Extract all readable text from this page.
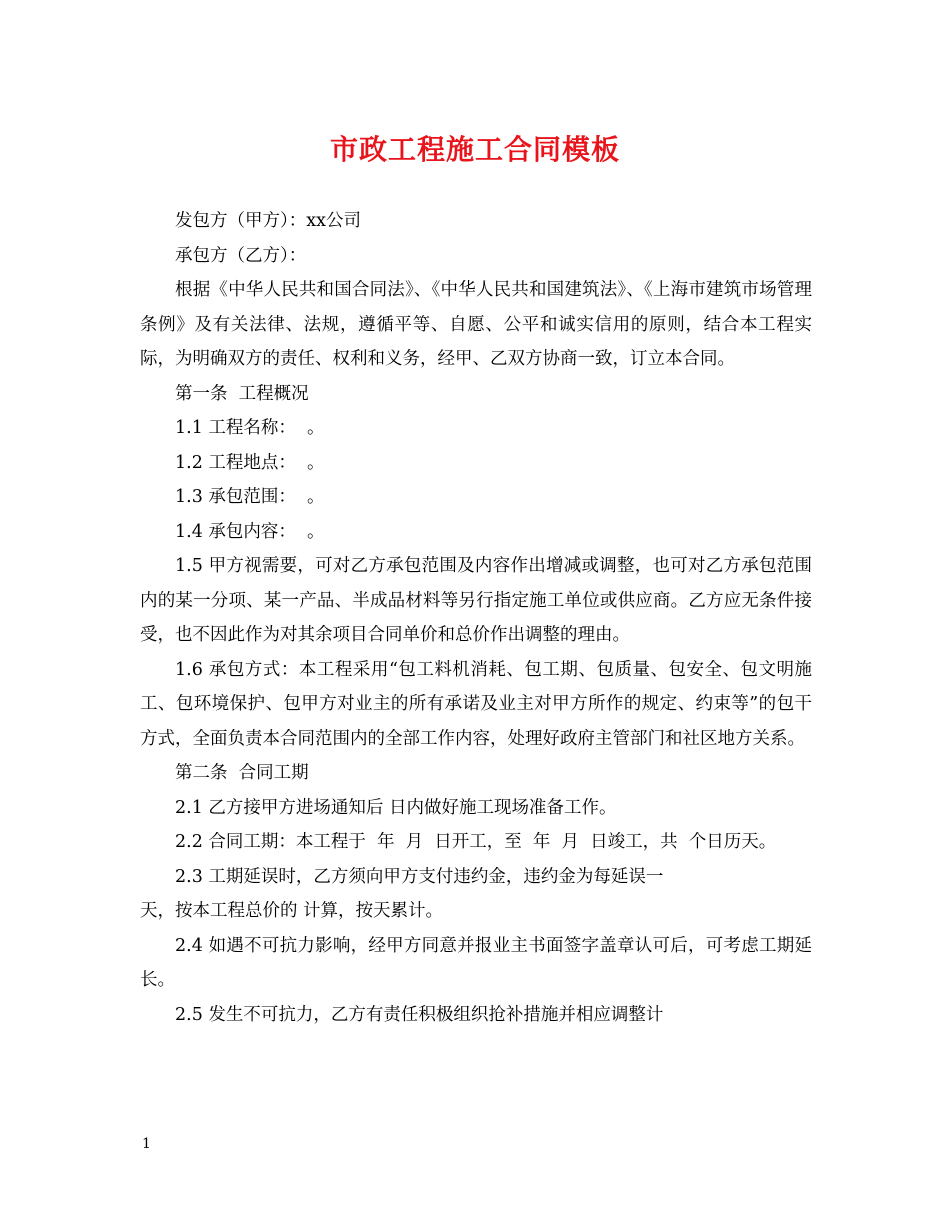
市政工程施工合同模板

发包方（甲方）：xx公司

承包方（乙方）：

根据《中华人民共和国合同法》、《中华人民共和国建筑法》、《上海市建筑市场管理条例》及有关法律、法规，遵循平等、自愿、公平和诚实信用的原则，结合本工程实际，为明确双方的责任、权利和义务，经甲、乙双方协商一致，订立本合同。

第一条  工程概况

1.1 工程名称：  。

1.2 工程地点：  。

1.3 承包范围：  。

1.4 承包内容：  。

1.5 甲方视需要，可对乙方承包范围及内容作出增减或调整，也可对乙方承包范围内的某一分项、某一产品、半成品材料等另行指定施工单位或供应商。乙方应无条件接受，也不因此作为对其余项目合同单价和总价作出调整的理由。

1.6 承包方式：本工程采用“包工料机消耗、包工期、包质量、包安全、包文明施工、包环境保护、包甲方对业主的所有承诺及业主对甲方所作的规定、约束等”的包干方式，全面负责本合同范围内的全部工作内容，处理好政府主管部门和社区地方关系。

第二条  合同工期

2.1 乙方接甲方进场通知后 日内做好施工现场准备工作。

2.2 合同工期：本工程于  年  月  日开工，至  年  月  日竣工，共  个日历天。

2.3 工期延误时，乙方须向甲方支付违约金，违约金为每延误一

天，按本工程总价的 计算，按天累计。

2.4 如遇不可抗力影响，经甲方同意并报业主书面签字盖章认可后，可考虑工期延长。

2.5 发生不可抗力，乙方有责任积极组织抢补措施并相应调整计

1
